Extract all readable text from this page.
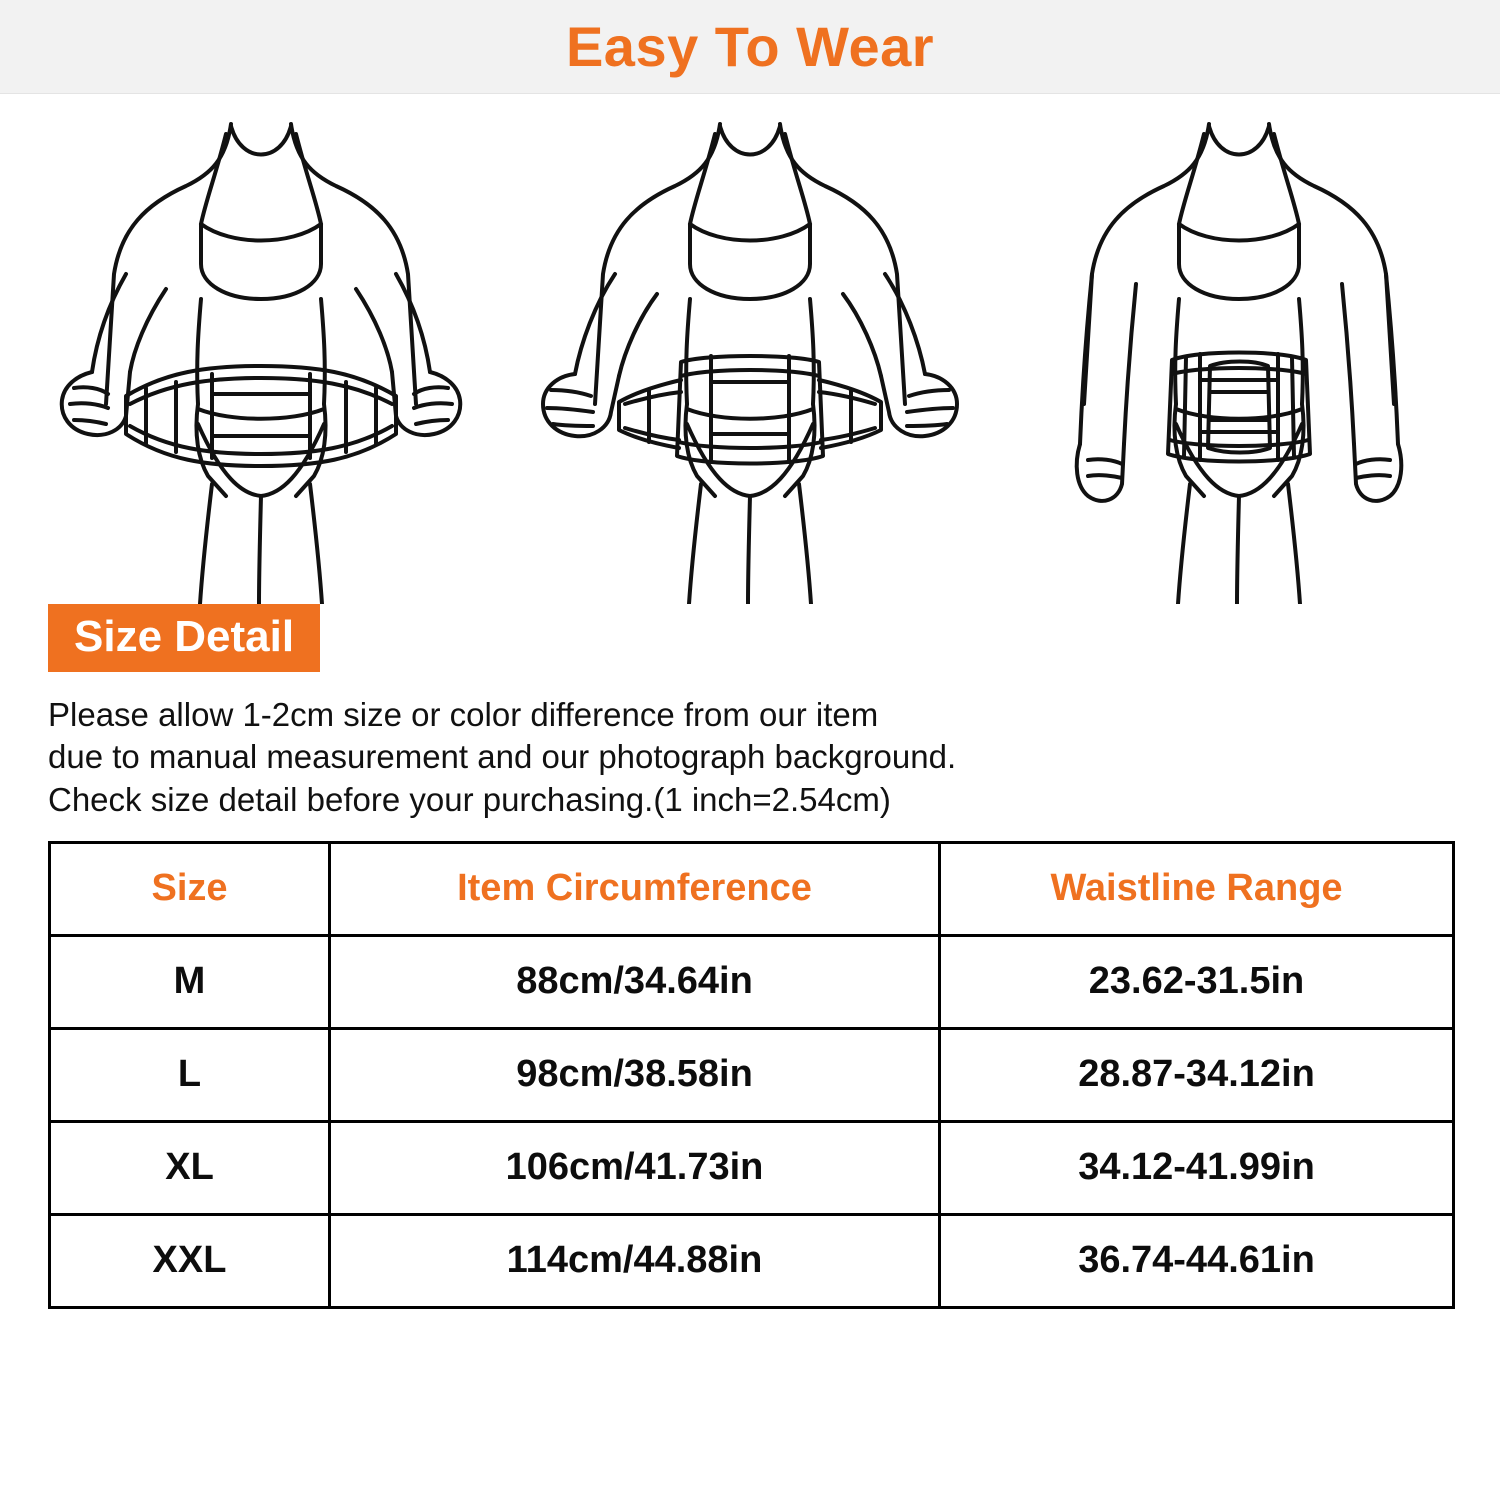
Easy To Wear
Size Detail
Please allow 1-2cm size or color difference from our item
due to manual measurement and our photograph background.
Check size detail before your purchasing.(1 inch=2.54cm)
Size	Item Circumference	Waistline Range
M	88cm/34.64in	23.62-31.5in
L	98cm/38.58in	28.87-34.12in
XL	106cm/41.73in	34.12-41.99in
XXL	114cm/44.88in	36.74-44.61in
